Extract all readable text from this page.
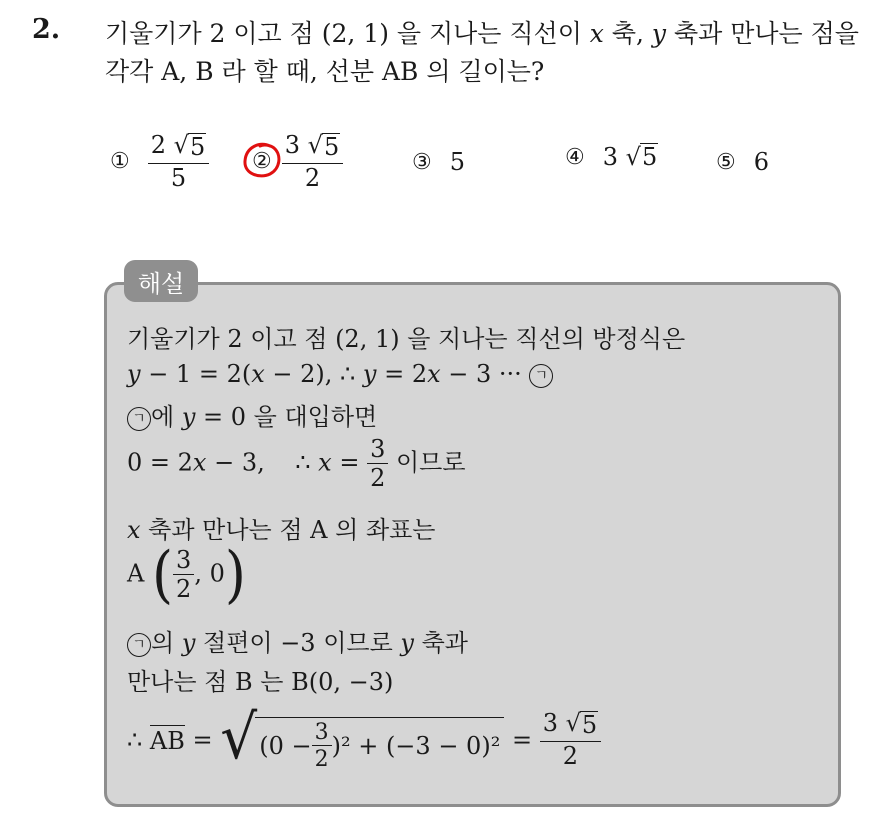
2. 기울기가 2 이고 점 (2, 1) 을 지나는 직선이 x 축, y 축과 만나는 점을
각각 A, B 라 할 때, 선분 AB 의 길이는?
① $\frac{2 √ 5}{5}$ ② $\frac{3 √ 5}{2}$	③ 5	④ 3 √ 5	⑤ 6
해설
기울기가 2 이고 점 (2, 1) 을 지나는 직선의 방정식은
y − 1 = 2(x − 2), ∴ y = 2x − 3 ··· ㄱ
ㄱ 에 y = 0 을 대입하면
0 = 2x − 3,    ∴ $x = \frac{3}{2}$ 이므로
x 축과 만나는 점 A 의 좌표는
A ( $\frac{3}{2}$ , 0)
ㄱ 의 y 절편이 −3 이므로 y 축과
만나는 점 B 는 B(0, −3)
∴ AB = √ $(0 - \frac{3}{2} )^2 + (-3 - 0)^2 = \frac{3 √ 5}{2}$
